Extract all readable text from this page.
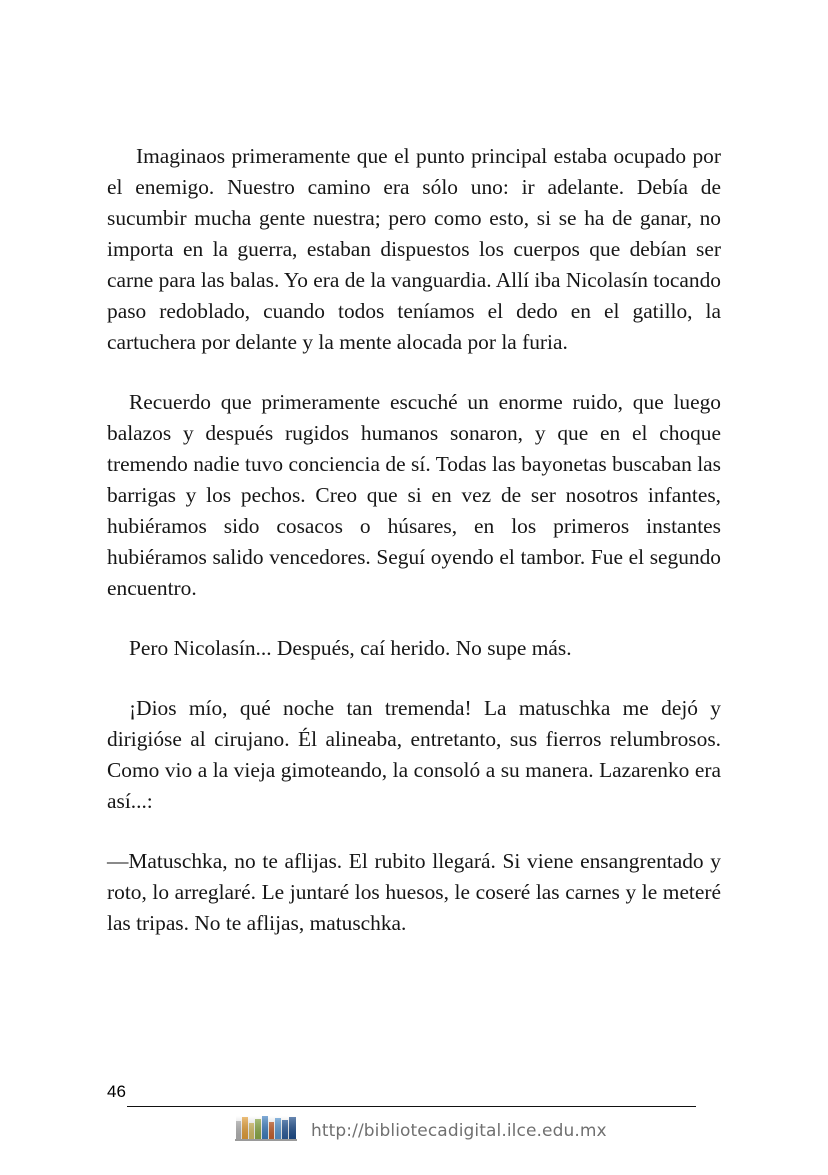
Imaginaos primeramente que el punto principal estaba ocupado por el enemigo. Nuestro camino era sólo uno: ir adelante. Debía de sucumbir mucha gente nuestra; pero como esto, si se ha de ganar, no importa en la guerra, estaban dispuestos los cuerpos que debían ser carne para las balas. Yo era de la vanguardia. Allí iba Nicolasín tocando paso redoblado, cuando todos teníamos el dedo en el gatillo, la cartuchera por delante y la mente alocada por la furia.

Recuerdo que primeramente escuché un enorme ruido, que luego balazos y después rugidos humanos sonaron, y que en el choque tremendo nadie tuvo conciencia de sí. Todas las bayonetas buscaban las barrigas y los pechos. Creo que si en vez de ser nosotros infantes, hubiéramos sido cosacos o húsares, en los primeros instantes hubiéramos salido vencedores. Seguí oyendo el tambor. Fue el segundo encuentro.

Pero Nicolasín... Después, caí herido. No supe más.

¡Dios mío, qué noche tan tremenda! La matuschka me dejó y dirigióse al cirujano. Él alineaba, entretanto, sus fierros relumbrosos. Como vio a la vieja gimoteando, la consoló a su manera. Lazarenko era así...:

—Matuschka, no te aflijas. El rubito llegará. Si viene ensangrentado y roto, lo arreglaré. Le juntaré los huesos, le coseré las carnes y le meteré las tripas. No te aflijas, matuschka.

46
http://bibliotecadigital.ilce.edu.mx
